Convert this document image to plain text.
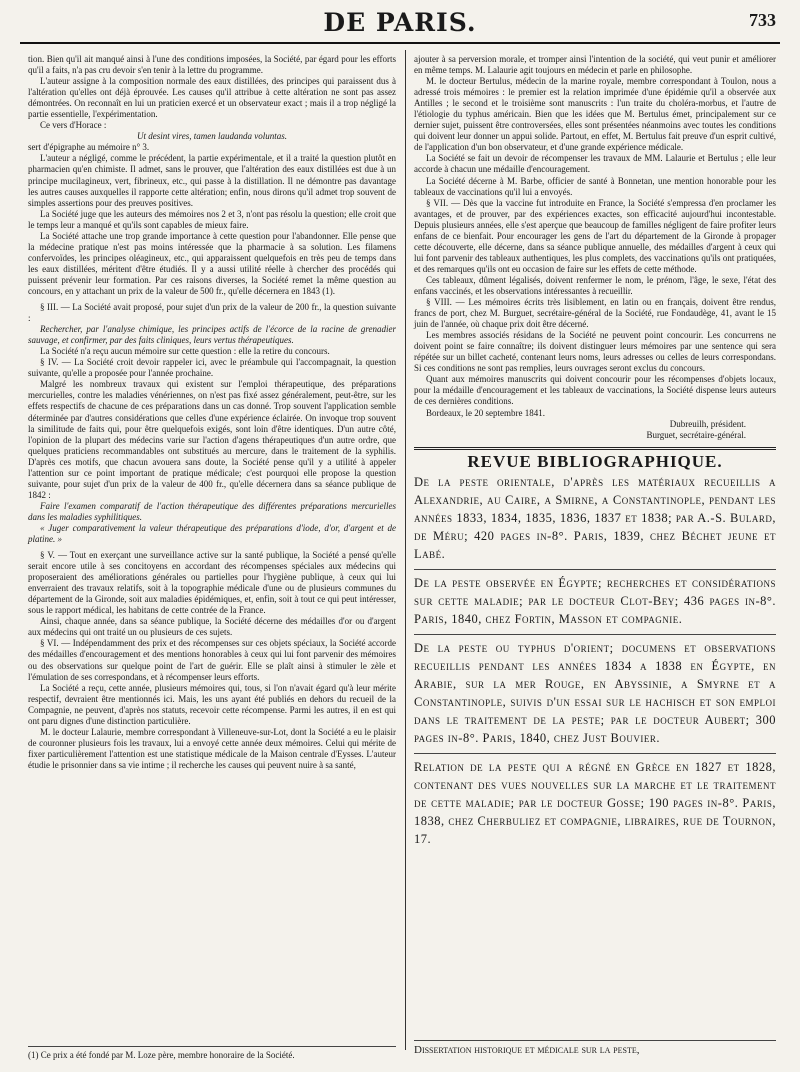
DE PARIS.	733

tion. Bien qu'il ait manqué ainsi à l'une des conditions imposées, la Société, par égard pour les efforts qu'il a faits, n'a pas cru devoir s'en tenir à la lettre du programme.

L'auteur assigne à la composition normale des eaux distillées, des principes qui paraissent dus à l'altération qu'elles ont déjà éprouvée. Les causes qu'il attribue à cette altération ne sont pas assez démontrées. On reconnaît en lui un praticien exercé et un observateur exact ; mais il a trop négligé la partie essentielle, l'expérimentation.

Ce vers d'Horace :

Ut desint vires, tamen laudanda voluntas.

sert d'épigraphe au mémoire n° 3.

L'auteur a négligé, comme le précédent, la partie expérimentale, et il a traité la question plutôt en pharmacien qu'en chimiste. Il admet, sans le prouver, que l'altération des eaux distillées est due à un principe mucilagineux, vert, fibrineux, etc., qui passe à la distillation. Il ne démontre pas davantage les autres causes auxquelles il rapporte cette altération; enfin, nous dirons qu'il admet trop souvent de simples assertions pour des preuves positives.

La Société juge que les auteurs des mémoires nos 2 et 3, n'ont pas résolu la question; elle croit que le temps leur a manqué et qu'ils sont capables de mieux faire.

La Société attache une trop grande importance à cette question pour l'abandonner. Elle pense que la médecine pratique n'est pas moins intéressée que la pharmacie à sa solution. Les filamens confervoïdes, les principes oléagineux, etc., qui apparaissent quelquefois en très peu de temps dans les eaux distillées, méritent d'être étudiés. Il y a aussi utilité réelle à chercher des procédés qui puissent prévenir leur formation. Par ces raisons diverses, la Société remet la même question au concours, en y attachant un prix de la valeur de 500 fr., qu'elle décernera en 1843 (1).

§ III. — La Société avait proposé, pour sujet d'un prix de la valeur de 200 fr., la question suivante :

Rechercher, par l'analyse chimique, les principes actifs de l'écorce de la racine de grenadier sauvage, et confirmer, par des faits cliniques, leurs vertus thérapeutiques.

La Société n'a reçu aucun mémoire sur cette question : elle la retire du concours.

§ IV. — La Société croit devoir rappeler ici, avec le préambule qui l'accompagnait, la question suivante, qu'elle a proposée pour l'année prochaine.

Malgré les nombreux travaux qui existent sur l'emploi thérapeutique, des préparations mercurielles, contre les maladies vénériennes, on n'est pas fixé assez généralement, peut-être, sur les effets respectifs de chacune de ces préparations dans un cas donné. Trop souvent l'application semble déterminée par d'autres considérations que celles d'une expérience éclairée. On invoque trop souvent la similitude de faits qui, pour être quelquefois exigés, sont loin d'être identiques. D'un autre côté, l'opinion de la plupart des médecins varie sur l'action d'agens thérapeutiques d'un autre ordre, que quelques praticiens recommandables ont substitués au mercure, dans le traitement de la syphilis. D'après ces motifs, que chacun avouera sans doute, la Société pense qu'il y a utilité à appeler l'attention sur ce point important de pratique médicale; c'est pourquoi elle propose la question suivante, pour sujet d'un prix de la valeur de 400 fr., qu'elle décernera dans sa séance publique de 1842 :

Faire l'examen comparatif de l'action thérapeutique des différentes préparations mercurielles dans les maladies syphilitiques.

« Juger comparativement la valeur thérapeutique des préparations d'iode, d'or, d'argent et de platine. »

§ V. — Tout en exerçant une surveillance active sur la santé publique, la Société a pensé qu'elle serait encore utile à ses concitoyens en accordant des récompenses spéciales aux médecins qui proposeraient des améliorations générales ou partielles pour l'hygiène publique, à ceux qui lui enverraient des travaux relatifs, soit à la topographie médicale d'une ou de plusieurs communes du département de la Gironde, soit aux maladies épidémiques, et, enfin, soit à tout ce qui peut intéresser, sous le rapport médical, les habitans de cette contrée de la France.

Ainsi, chaque année, dans sa séance publique, la Société décerne des médailles d'or ou d'argent aux médecins qui ont traité un ou plusieurs de ces sujets.

§ VI. — Indépendamment des prix et des récompenses sur ces objets spéciaux, la Société accorde des médailles d'encouragement et des mentions honorables à ceux qui lui font parvenir des mémoires ou des observations sur quelque point de l'art de guérir. Elle se plaît ainsi à stimuler le zèle et l'émulation de ses correspondans, et à récompenser leurs efforts.

La Société a reçu, cette année, plusieurs mémoires qui, tous, si l'on n'avait égard qu'à leur mérite respectif, devraient être mentionnés ici. Mais, les uns ayant été publiés en dehors du recueil de la Compagnie, ne peuvent, d'après nos statuts, recevoir cette récompense. Parmi les autres, il en est qui ont paru dignes d'une distinction particulière.

M. le docteur Lalaurie, membre correspondant à Villeneuve-sur-Lot, dont la Société a eu le plaisir de couronner plusieurs fois les travaux, lui a envoyé cette année deux mémoires. Celui qui mérite de fixer particulièrement l'attention est une statistique médicale de la Maison centrale d'Eysses. L'auteur étudie le prisonnier dans sa vie intime ; il recherche les causes qui peuvent nuire à sa santé,

(1) Ce prix a été fondé par M. Loze père, membre honoraire de la Société.

ajouter à sa perversion morale, et tromper ainsi l'intention de la société, qui veut punir et améliorer en même temps. M. Lalaurie agit toujours en médecin et parle en philosophe.

M. le docteur Bertulus, médecin de la marine royale, membre correspondant à Toulon, nous a adressé trois mémoires : le premier est la relation imprimée d'une épidémie qu'il a observée aux Antilles ; le second et le troisième sont manuscrits : l'un traite du choléra-morbus, et l'autre de l'étiologie du typhus américain. Bien que les idées que M. Bertulus émet, principalement sur ce dernier sujet, puissent être controversées, elles sont présentées néanmoins avec toutes les conditions qui doivent leur donner un appui solide. Partout, en effet, M. Bertulus fait preuve d'un esprit cultivé, de l'application d'un bon observateur, et d'une grande expérience médicale.

La Société se fait un devoir de récompenser les travaux de MM. Lalaurie et Bertulus ; elle leur accorde à chacun une médaille d'encouragement.

La Société décerne à M. Barbe, officier de santé à Bonnetan, une mention honorable pour les tableaux de vaccinations qu'il lui a envoyés.

§ VII. — Dès que la vaccine fut introduite en France, la Société s'empressa d'en proclamer les avantages, et de prouver, par des expériences exactes, son efficacité aujourd'hui incontestable. Depuis plusieurs années, elle s'est aperçue que beaucoup de familles négligent de faire profiter leurs enfans de ce bienfait. Pour encourager les gens de l'art du département de la Gironde à propager cette découverte, elle décerne, dans sa séance publique annuelle, des médailles d'argent à ceux qui lui font parvenir des tableaux authentiques, les plus complets, des vaccinations qu'ils ont pratiquées, et des remarques qu'ils ont eu occasion de faire sur les effets de cette méthode.

Ces tableaux, dûment légalisés, doivent renfermer le nom, le prénom, l'âge, le sexe, l'état des enfans vaccinés, et les observations intéressantes à recueillir.

§ VIII. — Les mémoires écrits très lisiblement, en latin ou en français, doivent être rendus, francs de port, chez M. Burguet, secrétaire-général de la Société, rue Fondaudège, 41, avant le 15 juin de l'année, où chaque prix doit être décerné.

Les membres associés résidans de la Société ne peuvent point concourir. Les concurrens ne doivent point se faire connaître; ils doivent distinguer leurs mémoires par une sentence qui sera répétée sur un billet cacheté, contenant leurs noms, leurs adresses ou celles de leurs correspondans. Si ces conditions ne sont pas remplies, leurs ouvrages seront exclus du concours.

Quant aux mémoires manuscrits qui doivent concourir pour les récompenses d'objets locaux, pour la médaille d'encouragement et les tableaux de vaccinations, la Société dispense leurs auteurs de ces dernières conditions.

Bordeaux, le 20 septembre 1841.

Dubreuilh, président.

Burguet, secrétaire-général.

REVUE BIBLIOGRAPHIQUE.
De la peste orientale, d'après les matériaux recueillis a Alexandrie, au Caire, a Smirne, a Constantinople, pendant les années 1833, 1834, 1835, 1836, 1837 et 1838; par A.-S. Bulard, de Méru; 420 pages in-8°. Paris, 1839, chez Béchet jeune et Labé.
De la peste observée en Égypte; recherches et considérations sur cette maladie; par le docteur Clot-Bey; 436 pages in-8°. Paris, 1840, chez Fortin, Masson et compagnie.
De la peste ou typhus d'orient; documens et observations recueillis pendant les années 1834 a 1838 en Égypte, en Arabie, sur la mer Rouge, en Abyssinie, a Smyrne et a Constantinople, suivis d'un essai sur le hachisch et son emploi dans le traitement de la peste; par le docteur Aubert; 300 pages in-8°. Paris, 1840, chez Just Bouvier.
Relation de la peste qui a régné en Grèce en 1827 et 1828, contenant des vues nouvelles sur la marche et le traitement de cette maladie; par le docteur Gosse; 190 pages in-8°. Paris, 1838, chez Cherbuliez et compagnie, libraires, rue de Tournon, 17.
Dissertation historique et médicale sur la peste,
